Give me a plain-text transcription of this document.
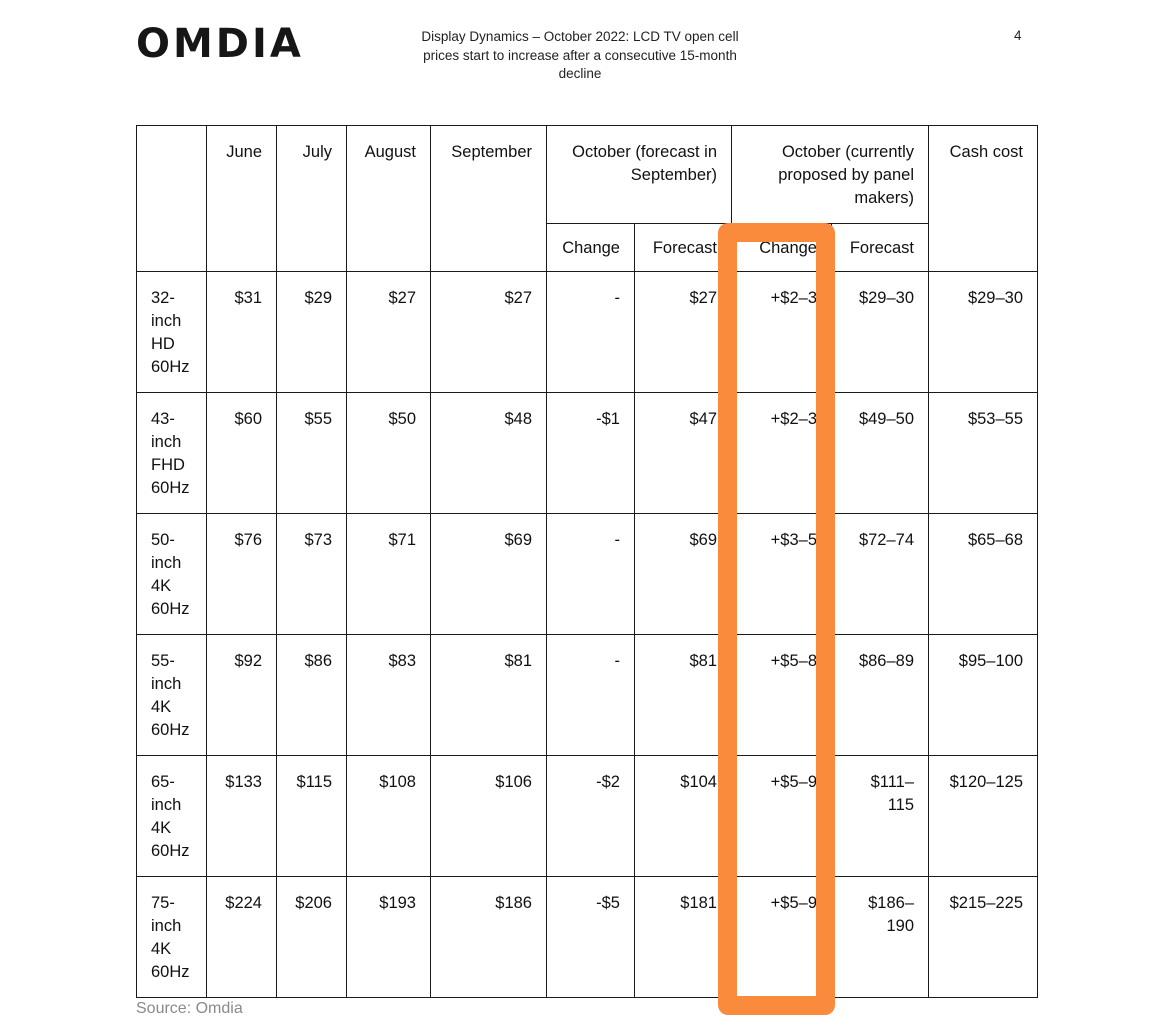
OMDIA	Display Dynamics – October 2022: LCD TV open cell prices start to increase after a consecutive 15-month decline
4
	June	July	August	September	October (forecast in September)		October (currently proposed by panel makers)		Cash cost
					Change	Forecast	Change	Forecast	

32-
inch
HD
60Hz	$31	$29	$27	$27	-	$27	+$2–3	$29–30	$29–30

43-
inch
FHD
60Hz	$60	$55	$50	$48	-$1	$47	+$2–3	$49–50	$53–55

50-
inch
4K
60Hz	$76	$73	$71	$69	-	$69	+$3–5	$72–74	$65–68

55-
inch
4K
60Hz	$92	$86	$83	$81	-	$81	+$5–8	$86–89	$95–100

65-
inch
4K
60Hz	$133	$115	$108	$106	-$2	$104	+$5–9	$111–115	$120–125

75-
inch
4K
60Hz	$224	$206	$193	$186	-$5	$181	+$5–9	$186–190	$215–225
Source: Omdia
